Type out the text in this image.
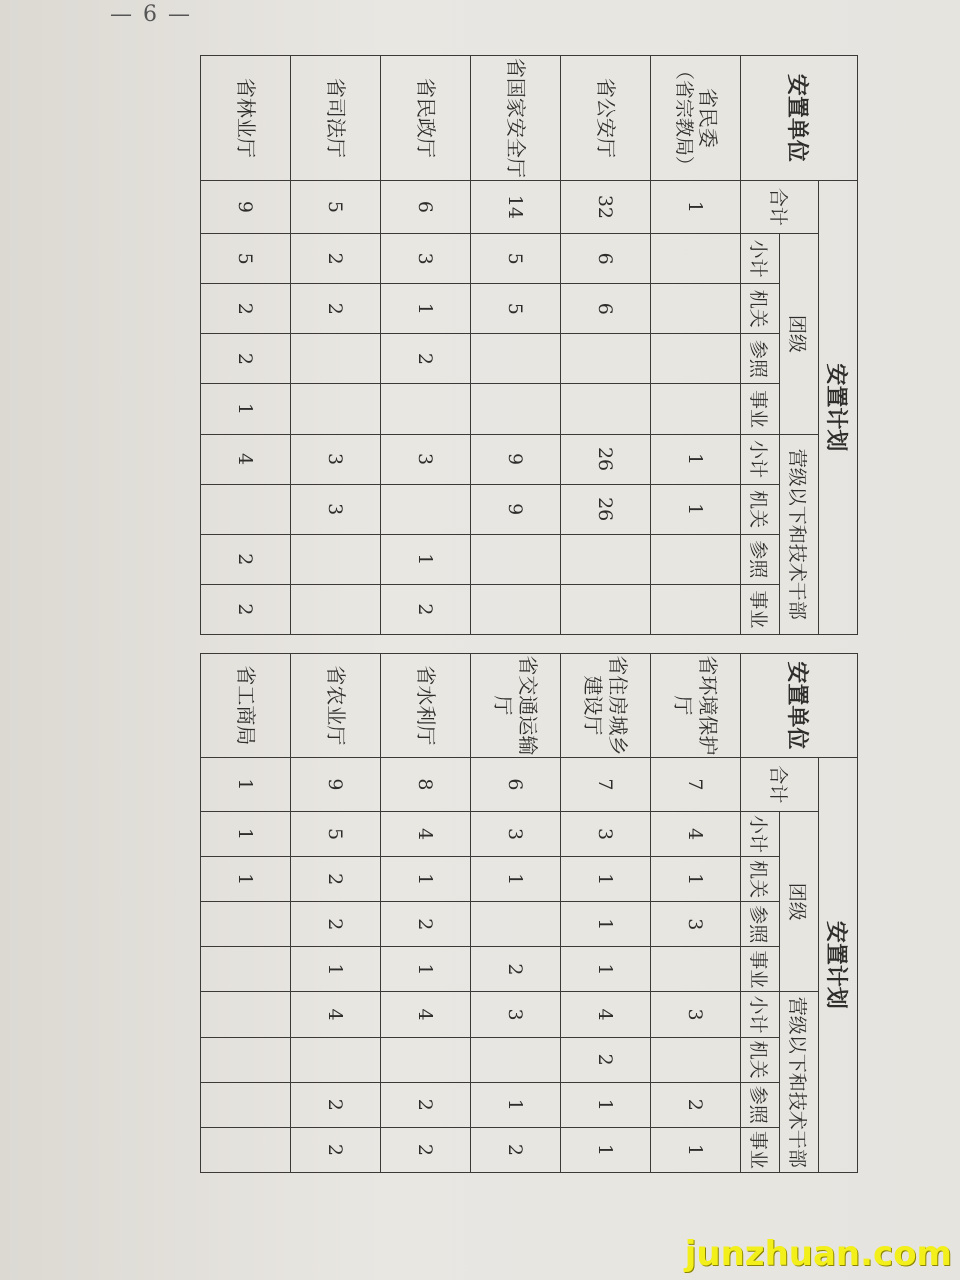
— 6 —
安置单位	安置计划								
	合计	团级				营级以下和技术干部			
		小计	机关	参照	事业	小计	机关	参照	事业
省民委
（省宗教局）	1					1	1		
省公安厅	32	6	6			26	26		
省国家安全厅	14	5	5			9	9		
省民政厅	6	3	1	2		3		1	2
省司法厅	5	2	2			3	3		
省林业厅	9	5	2	2	1	4		2	2
安置单位	安置计划								
	合计	团级				营级以下和技术干部			
		小计	机关	参照	事业	小计	机关	参照	事业
省环境保护厅	7	4	1	3		3		2	1
省住房城乡建设厅	7	3	1	1	1	4	2	1	1
省交通运输厅	6	3	1		2	3		1	2
省水利厅	8	4	1	2	1	4		2	2
省农业厅	9	5	2	2	1	4		2	2
省工商局	1	1	1						
junzhuan.com
